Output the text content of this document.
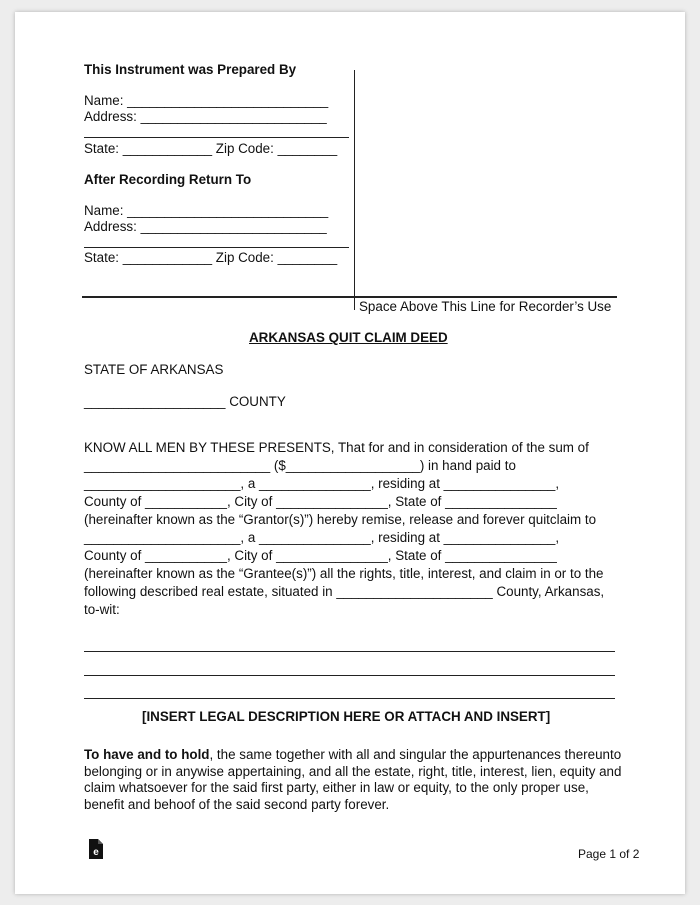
This Instrument was Prepared By
Name: ___________________________
Address: _________________________
State: ____________ Zip Code: ________
After Recording Return To
Name: ___________________________
Address: _________________________
State: ____________ Zip Code: ________
Space Above This Line for Recorder’s Use
ARKANSAS QUIT CLAIM DEED
STATE OF ARKANSAS
___________________ COUNTY
KNOW ALL MEN BY THESE PRESENTS, That for and in consideration of the sum of
_________________________ ($__________________) in hand paid to
_____________________, a _______________, residing at _______________,
County of ___________, City of _______________, State of _______________
(hereinafter known as the “Grantor(s)”) hereby remise, release and forever quitclaim to
_____________________, a _______________, residing at _______________,
County of ___________, City of _______________, State of _______________
(hereinafter known as the “Grantee(s)”) all the rights, title, interest, and claim in or to the
following described real estate, situated in _____________________ County, Arkansas,
to-wit:
[INSERT LEGAL DESCRIPTION HERE OR ATTACH AND INSERT]
To have and to hold, the same together with all and singular the appurtenances thereunto belonging or in anywise appertaining, and all the estate, right, title, interest, lien, equity and claim whatsoever for the said first party, either in law or equity, to the only proper use, benefit and behoof of the said second party forever.
e	Page 1 of 2
